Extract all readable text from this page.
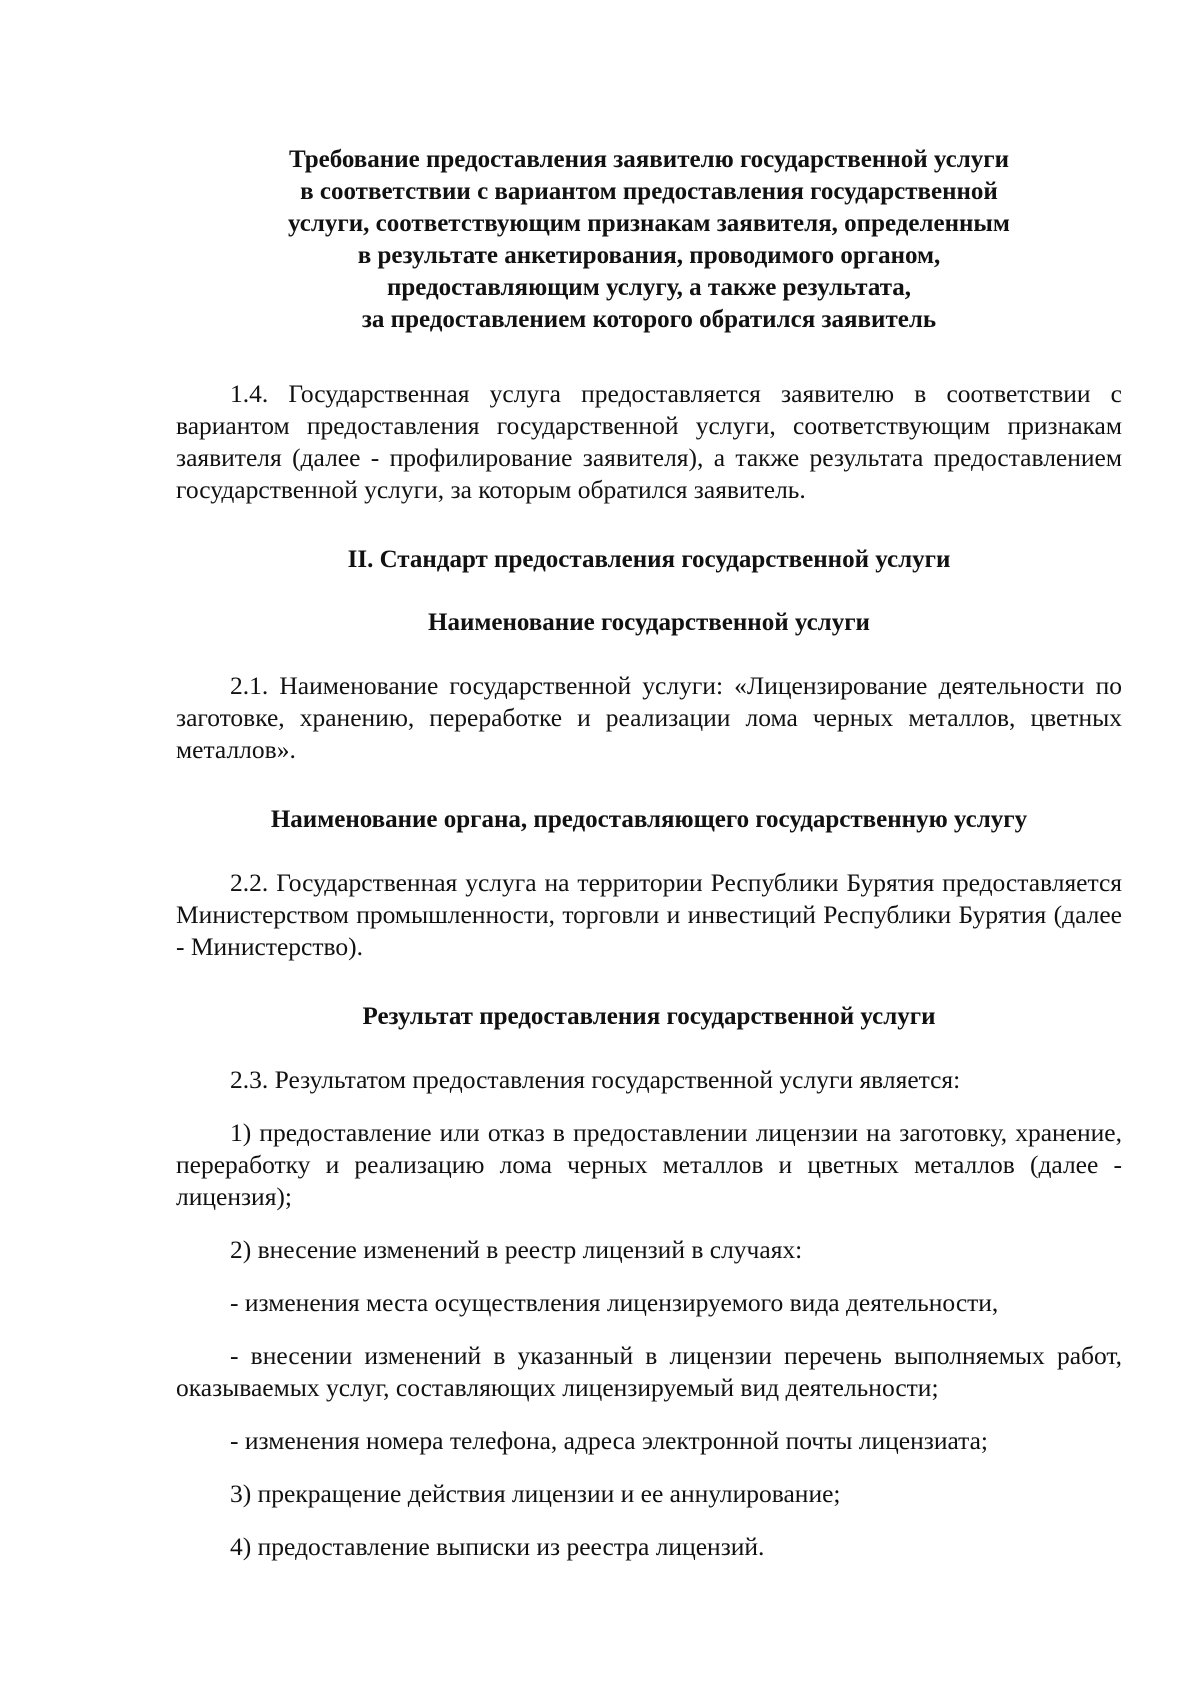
Требование предоставления заявителю государственной услуги
в соответствии с вариантом предоставления государственной
услуги, соответствующим признакам заявителя, определенным
в результате анкетирования, проводимого органом,
предоставляющим услугу, а также результата,
за предоставлением которого обратился заявитель

1.4. Государственная услуга предоставляется заявителю в соответствии с вариантом предоставления государственной услуги, соответствующим признакам заявителя (далее - профилирование заявителя), а также результата предоставлением государственной услуги, за которым обратился заявитель.

II. Стандарт предоставления государственной услуги
Наименование государственной услуги

2.1. Наименование государственной услуги: «Лицензирование деятельности по заготовке, хранению, переработке и реализации лома черных металлов, цветных металлов».

Наименование органа, предоставляющего государственную услугу

2.2. Государственная услуга на территории Республики Бурятия предоставляется Министерством промышленности, торговли и инвестиций Республики Бурятия (далее - Министерство).

Результат предоставления государственной услуги

2.3. Результатом предоставления государственной услуги является:

1) предоставление или отказ в предоставлении лицензии на заготовку, хранение, переработку и реализацию лома черных металлов и цветных металлов (далее - лицензия);

2) внесение изменений в реестр лицензий в случаях:

- изменения места осуществления лицензируемого вида деятельности,

- внесении изменений в указанный в лицензии перечень выполняемых работ, оказываемых услуг, составляющих лицензируемый вид деятельности;

- изменения номера телефона, адреса электронной почты лицензиата;

3) прекращение действия лицензии и ее аннулирование;

4) предоставление выписки из реестра лицензий.
